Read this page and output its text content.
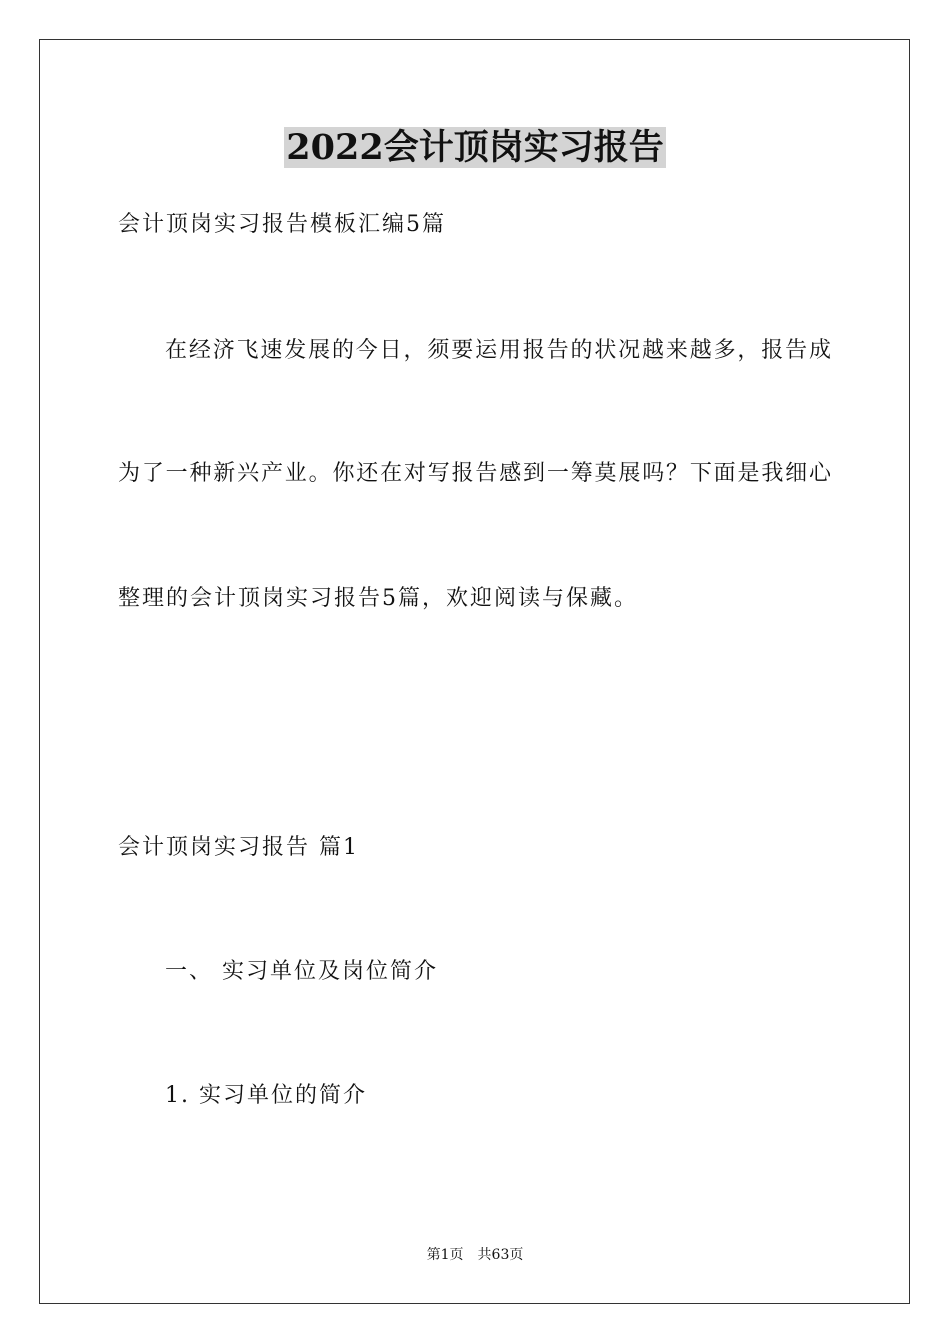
2022会计顶岗实习报告
会计顶岗实习报告模板汇编5篇
在经济飞速发展的今日，须要运用报告的状况越来越多，报告成
为了一种新兴产业。你还在对写报告感到一筹莫展吗？下面是我细心
整理的会计顶岗实习报告5篇，欢迎阅读与保藏。
会计顶岗实习报告 篇1
一、 实习单位及岗位简介
1. 实习单位的简介
第1页　共63页
